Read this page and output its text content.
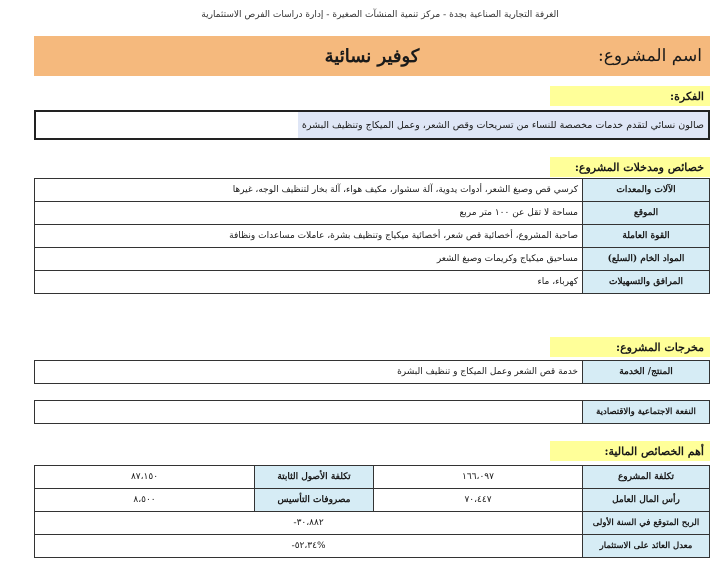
الغرفة التجارية الصناعية بجدة - مركز تنمية المنشآت الصغيرة - إدارة دراسات الفرص الاستثمارية
اسم المشروع:
كوفير نسائية
الفكرة:
صالون نسائي لتقدم خدمات مخصصة للنساء من تسريحات وقص الشعر، وعمل الميكاج وتنظيف البشرة
خصائص ومدخلات المشروع:
الآلات والمعدات	كرسي قص وصبغ الشعر، أدوات يدوية، آلة سشوار، مكيف هواء، آلة بخار لتنظيف الوجه، غيرها
الموقع	مساحة لا تقل عن ١٠٠ متر مربع
القوة العاملة	صاحبة المشروع، أخصائية قص شعر، أخصائية ميكياج وتنظيف بشرة، عاملات مساعدات ونظافة
المواد الخام (السلع)	مساحيق ميكياج وكريمات وصبغ الشعر
المرافق والتسهيلات	كهرباء، ماء
مخرجات المشروع:
المنتج/ الخدمة	خدمة قص الشعر وعمل الميكاج و تنظيف البشرة
النفعة الاجتماعية والاقتصادية	
أهم الخصائص المالية:
تكلفة المشروع	١٦٦،٠٩٧	تكلفة الأصول الثابتة	٨٧،١٥٠
رأس المال العامل	٧٠،٤٤٧	مصروفات التأسيس	٨،٥٠٠
الربح المتوقع في السنة الأولى	٣٠،٨٨٢-		
معدل العائد على الاستثمار	%٥٢،٣٤-		
